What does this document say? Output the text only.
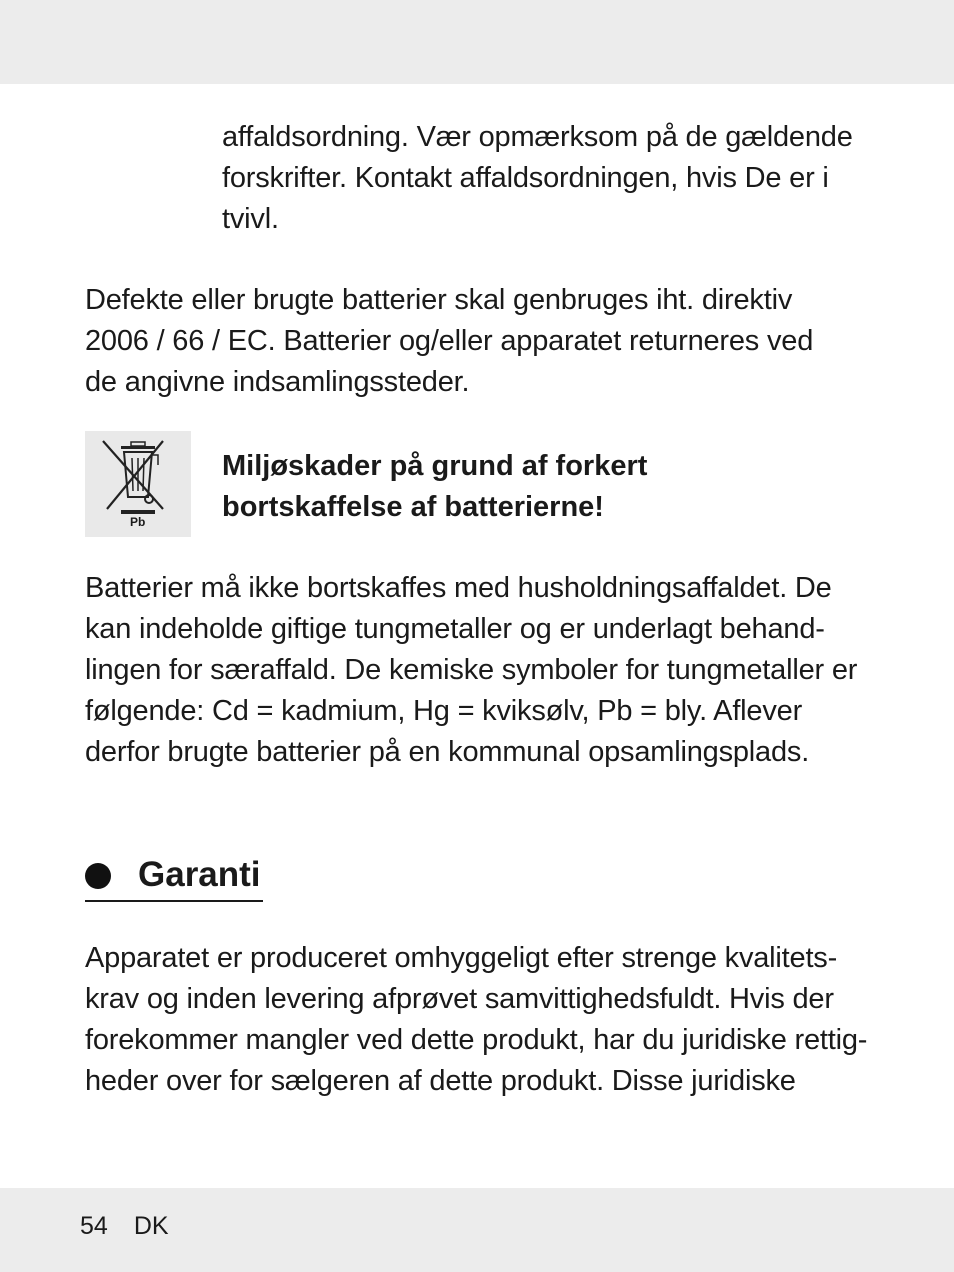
affaldsordning. Vær opmærksom på de gældende
forskrifter. Kontakt affaldsordningen, hvis De er i
tvivl.

Defekte eller brugte batterier skal genbruges iht. direktiv
2006 / 66 / EC. Batterier og/eller apparatet returneres ved
de angivne indsamlingssteder.

Pb

Miljøskader på grund af forkert
bortskaffelse af batterierne!

Batterier må ikke bortskaffes med husholdningsaffaldet. De
kan indeholde giftige tungmetaller og er underlagt behand-
lingen for særaffald. De kemiske symboler for tungmetaller er
følgende: Cd = kadmium, Hg = kviksølv, Pb = bly. Aflever
derfor brugte batterier på en kommunal opsamlingsplads.

Garanti

Apparatet er produceret omhyggeligt efter strenge kvalitets-
krav og inden levering afprøvet samvittighedsfuldt. Hvis der
forekommer mangler ved dette produkt, har du juridiske rettig-
heder over for sælgeren af dette produkt. Disse juridiske

54 DK
